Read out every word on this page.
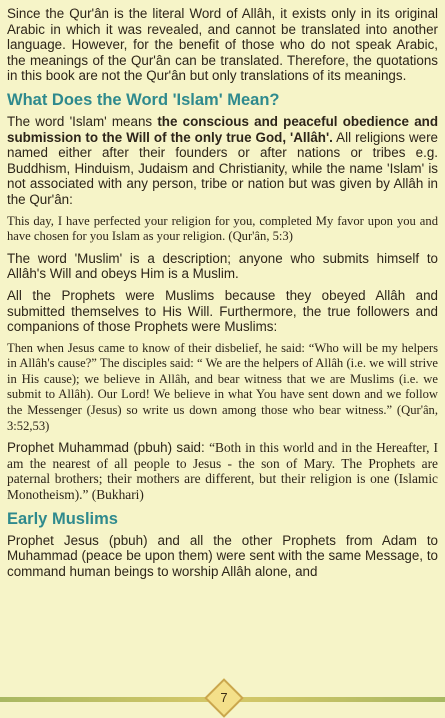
Since the Qur'ân is the literal Word of Allâh, it exists only in its original Arabic in which it was revealed, and cannot be translated into another language. However, for the benefit of those who do not speak Arabic, the meanings of the Qur'ân can be translated. Therefore, the quotations in this book are not the Qur'ân but only translations of its meanings.

What Does the Word 'Islam' Mean?

The word 'Islam' means the conscious and peaceful obedience and submission to the Will of the only true God, 'Allâh'. All religions were named either after their founders or after nations or tribes e.g. Buddhism, Hinduism, Judaism and Christianity, while the name 'Islam' is not associated with any person, tribe or nation but was given by Allâh in the Qur'ân:

This day, I have perfected your religion for you, completed My favor upon you and have chosen for you Islam as your religion. (Qur'ân, 5:3)

The word 'Muslim' is a description; anyone who submits himself to Allâh's Will and obeys Him is a Muslim.

All the Prophets were Muslims because they obeyed Allâh and submitted themselves to His Will. Furthermore, the true followers and companions of those Prophets were Muslims:

Then when Jesus came to know of their disbelief, he said: “Who will be my helpers in Allâh's cause?” The disciples said: “ We are the helpers of Allâh (i.e. we will strive in His cause); we believe in Allâh, and bear witness that we are Muslims (i.e. we submit to Allâh). Our Lord! We believe in what You have sent down and we follow the Messenger (Jesus) so write us down among those who bear witness.” (Qur'ân, 3:52,53)

Prophet Muhammad (pbuh) said: “Both in this world and in the Hereafter, I am the nearest of all people to Jesus - the son of Mary. The Prophets are paternal brothers; their mothers are different, but their religion is one (Islamic Monotheism).” (Bukhari)

Early Muslims

Prophet Jesus (pbuh) and all the other Prophets from Adam to Muhammad (peace be upon them) were sent with the same Message, to command human beings to worship Allâh alone, and

7
